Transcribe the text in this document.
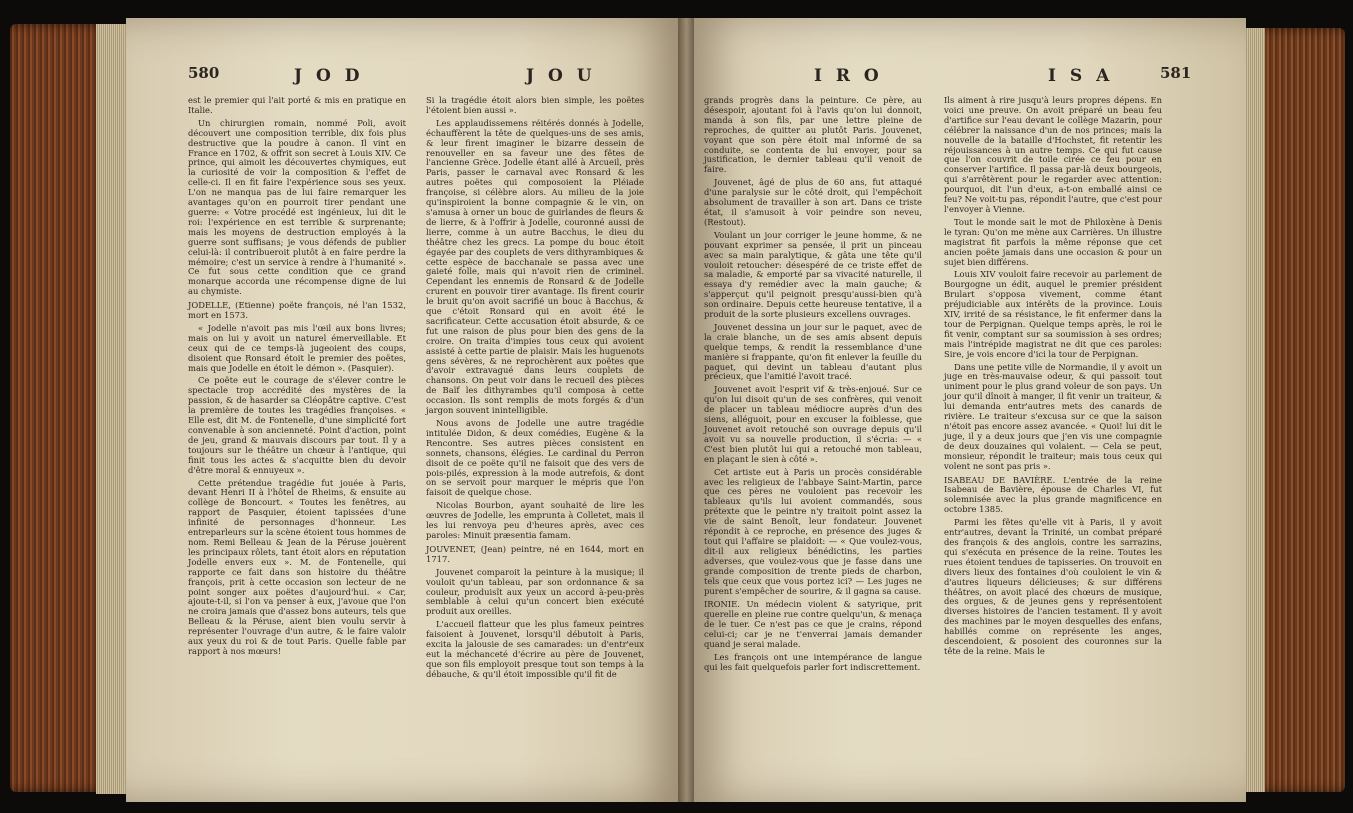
580	J O D	J O U

est le premier qui l'ait porté & mis en pratique en Italie.

Un chirurgien romain, nommé Poli, avoit découvert une composition terrible, dix fois plus destructive que la poudre à canon. Il vint en France en 1702, & offrit son secret à Louis XIV. Ce prince, qui aimoit les découvertes chymiques, eut la curiosité de voir la composition & l'effet de celle-ci. Il en fit faire l'expérience sous ses yeux. L'on ne manqua pas de lui faire remarquer les avantages qu'on en pourroit tirer pendant une guerre: « Votre procédé est ingénieux, lui dit le roi: l'expérience en est terrible & surprenante; mais les moyens de destruction employés à la guerre sont suffisans; je vous défends de publier celui-là: il contribueroit plutôt à en faire perdre la mémoire; c'est un service à rendre à l'humanité ». Ce fut sous cette condition que ce grand monarque accorda une récompense digne de lui au chymiste.

JODELLE, (Etienne) poëte françois, né l'an 1532, mort en 1573.

« Jodelle n'avoit pas mis l'œil aux bons livres; mais on lui y avoit un naturel émerveillable. Et ceux qui de ce temps-là jugeoient des coups, disoient que Ronsard étoit le premier des poëtes, mais que Jodelle en étoit le démon ». (Pasquier).

Ce poëte eut le courage de s'élever contre le spectacle trop accrédité des mystères de la passion, & de hasarder sa Cléopâtre captive. C'est la première de toutes les tragédies françoises. « Elle est, dit M. de Fontenelle, d'une simplicité fort convenable à son ancienneté. Point d'action, point de jeu, grand & mauvais discours par tout. Il y a toujours sur le théâtre un chœur à l'antique, qui finit tous les actes & s'acquitte bien du devoir d'être moral & ennuyeux ».

Cette prétendue tragédie fut jouée à Paris, devant Henri II à l'hôtel de Rheims, & ensuite au collège de Boncourt. « Toutes les fenêtres, au rapport de Pasquier, étoient tapissées d'une infinité de personnages d'honneur. Les entreparleurs sur la scène étoient tous hommes de nom. Remi Belleau & Jean de la Péruse jouèrent les principaux rôlets, tant étoit alors en réputation Jodelle envers eux ». M. de Fontenelle, qui rapporte ce fait dans son histoire du théâtre françois, prit à cette occasion son lecteur de ne point songer aux poëtes d'aujourd'hui. « Car, ajoute-t-il, si l'on va penser à eux, j'avoue que l'on ne croira jamais que d'assez bons auteurs, tels que Belleau & la Péruse, aient bien voulu servir à représenter l'ouvrage d'un autre, & le faire valoir aux yeux du roi & de tout Paris. Quelle fable par rapport à nos mœurs!

Si la tragédie étoit alors bien simple, les poëtes l'étoient bien aussi ».

Les applaudissemens réitérés donnés à Jodelle, échauffèrent la tête de quelques-uns de ses amis, & leur firent imaginer le bizarre dessein de renouveller en sa faveur une des fêtes de l'ancienne Grèce. Jodelle étant allé à Arcueil, près Paris, passer le carnaval avec Ronsard & les autres poëtes qui composoient la Pléiade françoise, si célèbre alors. Au milieu de la joie qu'inspiroient la bonne compagnie & le vin, on s'amusa à orner un bouc de guirlandes de fleurs & de lierre, & à l'offrir à Jodelle, couronné aussi de lierre, comme à un autre Bacchus, le dieu du théâtre chez les grecs. La pompe du bouc étoit égayée par des couplets de vers dithyrambiques & cette espèce de bacchanale se passa avec une gaieté folle, mais qui n'avoit rien de criminel. Cependant les ennemis de Ronsard & de Jodelle crurent en pouvoir tirer avantage. Ils firent courir le bruit qu'on avoit sacrifié un bouc à Bacchus, & que c'étoit Ronsard qui en avoit été le sacrificateur. Cette accusation étoit absurde, & ce fut une raison de plus pour bien des gens de la croire. On traita d'impies tous ceux qui avoient assisté à cette partie de plaisir. Mais les huguenots gens sévères, & ne reprochèrent aux poëtes que d'avoir extravagué dans leurs couplets de chansons. On peut voir dans le recueil des pièces de Baïf les dithyrambes qu'il composa à cette occasion. Ils sont remplis de mots forgés & d'un jargon souvent inintelligible.

Nous avons de Jodelle une autre tragédie intitulée Didon, & deux comédies, Eugène & la Rencontre. Ses autres pièces consistent en sonnets, chansons, élégies. Le cardinal du Perron disoit de ce poëte qu'il ne faisoit que des vers de pois-pilés, expression à la mode autrefois, & dont on se servoit pour marquer le mépris que l'on faisoit de quelque chose.

Nicolas Bourbon, ayant souhaité de lire les œuvres de Jodelle, les emprunta à Colletet, mais il les lui renvoya peu d'heures après, avec ces paroles: Minuit præsentia famam.

JOUVENET, (Jean) peintre, né en 1644, mort en 1717.

Jouvenet comparoit la peinture à la musique; il vouloit qu'un tableau, par son ordonnance & sa couleur, produisît aux yeux un accord à-peu-près semblable à celui qu'un concert bien exécuté produit aux oreilles.

L'accueil flatteur que les plus fameux peintres faisoient à Jouvenet, lorsqu'il débutoit à Paris, excita la jalousie de ses camarades: un d'entr'eux eut la méchanceté d'écrire au père de Jouvenet, que son fils employoit presque tout son temps à la débauche, & qu'il étoit impossible qu'il fit de

I R O	I S A	581

grands progrès dans la peinture. Ce père, au désespoir, ajoutant foi à l'avis qu'on lui donnoit, manda à son fils, par une lettre pleine de reproches, de quitter au plutôt Paris. Jouvenet, voyant que son père étoit mal informé de sa conduite, se contenta de lui envoyer, pour sa justification, le dernier tableau qu'il venoit de faire.

Jouvenet, âgé de plus de 60 ans, fut attaqué d'une paralysie sur le côté droit, qui l'empêchoit absolument de travailler à son art. Dans ce triste état, il s'amusoit à voir peindre son neveu, (Restout).

Voulant un jour corriger le jeune homme, & ne pouvant exprimer sa pensée, il prit un pinceau avec sa main paralytique, & gâta une tête qu'il vouloit retoucher: désespéré de ce triste effet de sa maladie, & emporté par sa vivacité naturelle, il essaya d'y remédier avec la main gauche; & s'apperçut qu'il peignoit presqu'aussi-bien qu'à son ordinaire. Depuis cette heureuse tentative, il a produit de la sorte plusieurs excellens ouvrages.

Jouvenet dessina un jour sur le paquet, avec de la craie blanche, un de ses amis absent depuis quelque temps, & rendit la ressemblance d'une manière si frappante, qu'on fit enlever la feuille du paquet, qui devint un tableau d'autant plus précieux, que l'amitié l'avoit tracé.

Jouvenet avoit l'esprit vif & très-enjoué. Sur ce qu'on lui disoit qu'un de ses confrères, qui venoit de placer un tableau médiocre auprès d'un des siens, alléguoit, pour en excuser la foiblesse, que Jouvenet avoit retouché son ouvrage depuis qu'il avoit vu sa nouvelle production, il s'écria: — « C'est bien plutôt lui qui a retouché mon tableau, en plaçant le sien à côté ».

Cet artiste eut à Paris un procès considérable avec les religieux de l'abbaye Saint-Martin, parce que ces pères ne vouloient pas recevoir les tableaux qu'ils lui avoient commandés, sous prétexte que le peintre n'y traitoit point assez la vie de saint Benoît, leur fondateur. Jouvenet répondit à ce reproche, en présence des juges & tout qui l'affaire se plaidoit: — « Que voulez-vous, dit-il aux religieux bénédictins, les parties adverses, que voulez-vous que je fasse dans une grande composition de trente pieds de charbon, tels que ceux que vous portez ici? — Les juges ne purent s'empêcher de sourire, & il gagna sa cause.

IRONIE. Un médecin violent & satyrique, prit querelle en pleine rue contre quelqu'un, & menaça de le tuer. Ce n'est pas ce que je crains, répond celui-ci; car je ne t'enverrai jamais demander quand je serai malade.

Les françois ont une intempérance de langue qui les fait quelquefois parler fort indiscrettement.

Ils aiment à rire jusqu'à leurs propres dépens. En voici une preuve. On avoit préparé un beau feu d'artifice sur l'eau devant le collège Mazarin, pour célébrer la naissance d'un de nos princes; mais la nouvelle de la bataille d'Hochstet, fit retentir les réjouissances à un autre temps. Ce qui fut cause que l'on couvrit de toile cirée ce feu pour en conserver l'artifice. Il passa par-là deux bourgeois, qui s'arrêtèrent pour le regarder avec attention: pourquoi, dit l'un d'eux, a-t-on emballé ainsi ce feu? Ne voit-tu pas, répondit l'autre, que c'est pour l'envoyer à Vienne.

Tout le monde sait le mot de Philoxène à Denis le tyran: Qu'on me mène aux Carrières. Un illustre magistrat fit parfois la même réponse que cet ancien poëte jamais dans une occasion & pour un sujet bien différens.

Louis XIV vouloit faire recevoir au parlement de Bourgogne un édit, auquel le premier président Brulart s'opposa vivement, comme étant préjudiciable aux intérêts de la province. Louis XIV, irrité de sa résistance, le fit enfermer dans la tour de Perpignan. Quelque temps après, le roi le fit venir, comptant sur sa soumission à ses ordres; mais l'intrépide magistrat ne dit que ces paroles: Sire, je vois encore d'ici la tour de Perpignan.

Dans une petite ville de Normandie, il y avoit un juge en très-mauvaise odeur, & qui passoit tout uniment pour le plus grand voleur de son pays. Un jour qu'il dînoit à manger, il fit venir un traiteur, & lui demanda entr'autres mets des canards de rivière. Le traiteur s'excusa sur ce que la saison n'étoit pas encore assez avancée. « Quoi! lui dit le juge, il y a deux jours que j'en vis une compagnie de deux douzaines qui volaient. — Cela se peut, monsieur, répondit le traiteur; mais tous ceux qui volent ne sont pas pris ».

ISABEAU DE BAVIÈRE. L'entrée de la reine Isabeau de Bavière, épouse de Charles VI, fut solemnisée avec la plus grande magnificence en octobre 1385.

Parmi les fêtes qu'elle vit à Paris, il y avoit entr'autres, devant la Trinité, un combat préparé des françois & des anglois, contre les sarrazins, qui s'exécuta en présence de la reine. Toutes les rues étoient tendues de tapisseries. On trouvoit en divers lieux des fontaines d'où couloient le vin & d'autres liqueurs délicieuses; & sur différens théâtres, on avoit placé des chœurs de musique, des orgues, & de jeunes gens y représentoient diverses histoires de l'ancien testament. Il y avoit des machines par le moyen desquelles des enfans, habillés comme on représente les anges, descendoient, & posoient des couronnes sur la tête de la reine. Mais le
